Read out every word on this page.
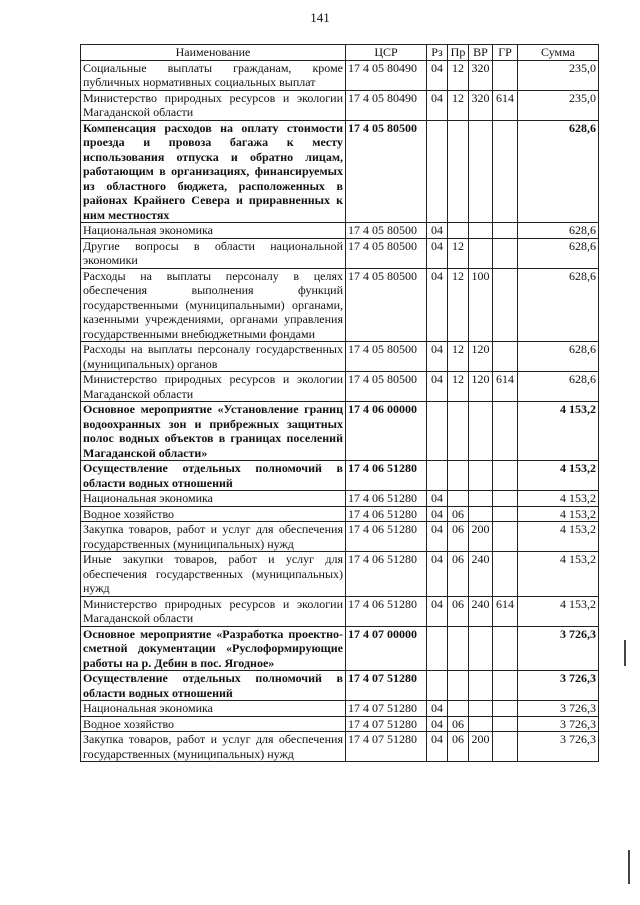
141
Наименование	ЦСР	Рз	Пр	ВР	ГР	Сумма
Социальные выплаты гражданам, кроме публичных нормативных социальных выплат	17 4 05 80490	04	12	320		235,0
Министерство природных ресурсов и экологии Магаданской области	17 4 05 80490	04	12	320	614	235,0
Компенсация расходов на оплату стоимости проезда и провоза багажа к месту использования отпуска и обратно лицам, работающим в организациях, финансируемых из областного бюджета, расположенных в районах Крайнего Севера и приравненных к ним местностях	17 4 05 80500					628,6
Национальная экономика	17 4 05 80500	04				628,6
Другие вопросы в области национальной экономики	17 4 05 80500	04	12			628,6
Расходы на выплаты персоналу в целях обеспечения выполнения функций государственными (муниципальными) органами, казенными учреждениями, органами управления государственными внебюджетными фондами	17 4 05 80500	04	12	100		628,6
Расходы на выплаты персоналу государственных (муниципальных) органов	17 4 05 80500	04	12	120		628,6
Министерство природных ресурсов и экологии Магаданской области	17 4 05 80500	04	12	120	614	628,6
Основное мероприятие «Установление границ водоохранных зон и прибрежных защитных полос водных объектов в границах поселений Магаданской области»	17 4 06 00000					4 153,2
Осуществление отдельных полномочий в области водных отношений	17 4 06 51280					4 153,2
Национальная экономика	17 4 06 51280	04				4 153,2
Водное хозяйство	17 4 06 51280	04	06			4 153,2
Закупка товаров, работ и услуг для обеспечения государственных (муниципальных) нужд	17 4 06 51280	04	06	200		4 153,2
Иные закупки товаров, работ и услуг для обеспечения государственных (муниципальных) нужд	17 4 06 51280	04	06	240		4 153,2
Министерство природных ресурсов и экологии Магаданской области	17 4 06 51280	04	06	240	614	4 153,2
Основное мероприятие «Разработка проектно-сметной документации «Руслоформирующие работы на р. Дебин в пос. Ягодное»	17 4 07 00000					3 726,3
Осуществление отдельных полномочий в области водных отношений	17 4 07 51280					3 726,3
Национальная экономика	17 4 07 51280	04				3 726,3
Водное хозяйство	17 4 07 51280	04	06			3 726,3
Закупка товаров, работ и услуг для обеспечения государственных (муниципальных) нужд	17 4 07 51280	04	06	200		3 726,3
